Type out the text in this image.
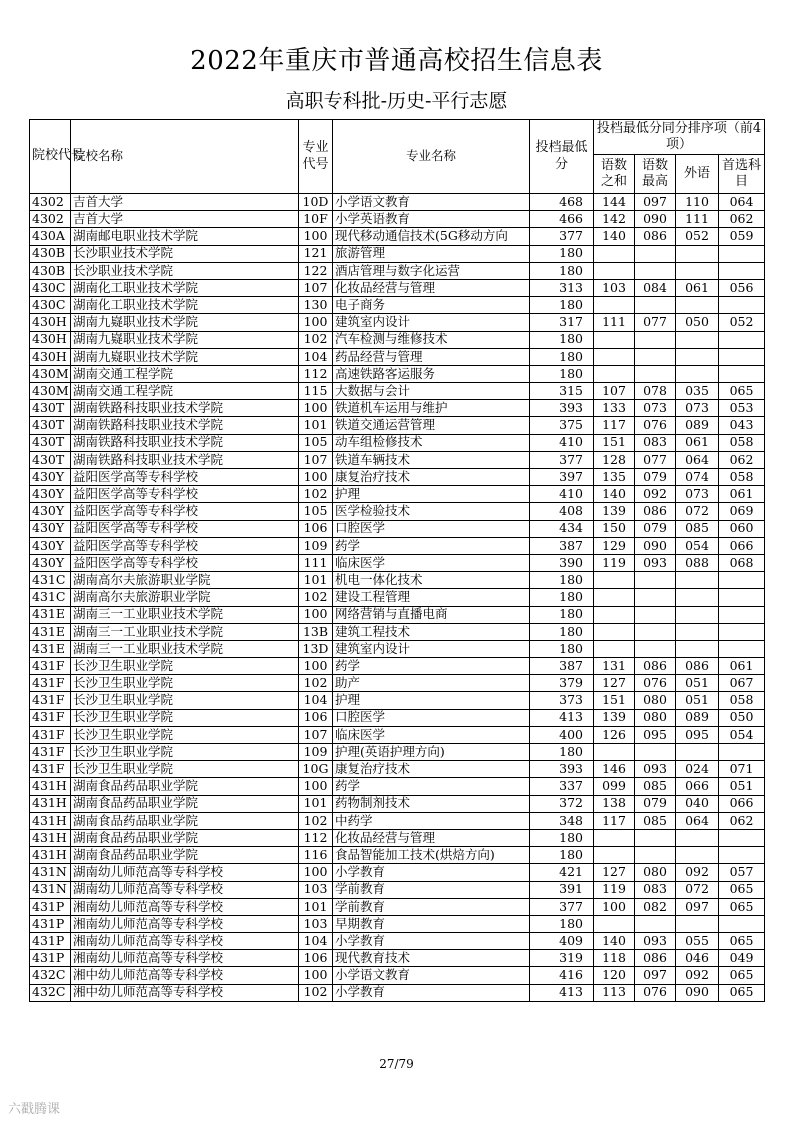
2022年重庆市普通高校招生信息表
高职专科批-历史-平行志愿
院校代号	院校名称	专业代号	专业名称	投档最低分	投档最低分同分排序项（前4项）			
					语数之和	语数最高	外语	首选科目
4302	吉首大学	10D	小学语文教育	468	144	097	110	064
4302	吉首大学	10F	小学英语教育	466	142	090	111	062
430A	湖南邮电职业技术学院	100	现代移动通信技术(5G移动方向	377	140	086	052	059
430B	长沙职业技术学院	121	旅游管理	180				
430B	长沙职业技术学院	122	酒店管理与数字化运营	180				
430C	湖南化工职业技术学院	107	化妆品经营与管理	313	103	084	061	056
430C	湖南化工职业技术学院	130	电子商务	180				
430H	湖南九嶷职业技术学院	100	建筑室内设计	317	111	077	050	052
430H	湖南九嶷职业技术学院	102	汽车检测与维修技术	180				
430H	湖南九嶷职业技术学院	104	药品经营与管理	180				
430M	湖南交通工程学院	112	高速铁路客运服务	180				
430M	湖南交通工程学院	115	大数据与会计	315	107	078	035	065
430T	湖南铁路科技职业技术学院	100	铁道机车运用与维护	393	133	073	073	053
430T	湖南铁路科技职业技术学院	101	铁道交通运营管理	375	117	076	089	043
430T	湖南铁路科技职业技术学院	105	动车组检修技术	410	151	083	061	058
430T	湖南铁路科技职业技术学院	107	铁道车辆技术	377	128	077	064	062
430Y	益阳医学高等专科学校	100	康复治疗技术	397	135	079	074	058
430Y	益阳医学高等专科学校	102	护理	410	140	092	073	061
430Y	益阳医学高等专科学校	105	医学检验技术	408	139	086	072	069
430Y	益阳医学高等专科学校	106	口腔医学	434	150	079	085	060
430Y	益阳医学高等专科学校	109	药学	387	129	090	054	066
430Y	益阳医学高等专科学校	111	临床医学	390	119	093	088	068
431C	湖南高尔夫旅游职业学院	101	机电一体化技术	180				
431C	湖南高尔夫旅游职业学院	102	建设工程管理	180				
431E	湖南三一工业职业技术学院	100	网络营销与直播电商	180				
431E	湖南三一工业职业技术学院	13B	建筑工程技术	180				
431E	湖南三一工业职业技术学院	13D	建筑室内设计	180				
431F	长沙卫生职业学院	100	药学	387	131	086	086	061
431F	长沙卫生职业学院	102	助产	379	127	076	051	067
431F	长沙卫生职业学院	104	护理	373	151	080	051	058
431F	长沙卫生职业学院	106	口腔医学	413	139	080	089	050
431F	长沙卫生职业学院	107	临床医学	400	126	095	095	054
431F	长沙卫生职业学院	109	护理(英语护理方向)	180				
431F	长沙卫生职业学院	10G	康复治疗技术	393	146	093	024	071
431H	湖南食品药品职业学院	100	药学	337	099	085	066	051
431H	湖南食品药品职业学院	101	药物制剂技术	372	138	079	040	066
431H	湖南食品药品职业学院	102	中药学	348	117	085	064	062
431H	湖南食品药品职业学院	112	化妆品经营与管理	180				
431H	湖南食品药品职业学院	116	食品智能加工技术(烘焙方向)	180				
431N	湖南幼儿师范高等专科学校	100	小学教育	421	127	080	092	057
431N	湖南幼儿师范高等专科学校	103	学前教育	391	119	083	072	065
431P	湘南幼儿师范高等专科学校	101	学前教育	377	100	082	097	065
431P	湘南幼儿师范高等专科学校	103	早期教育	180				
431P	湘南幼儿师范高等专科学校	104	小学教育	409	140	093	055	065
431P	湘南幼儿师范高等专科学校	106	现代教育技术	319	118	086	046	049
432C	湘中幼儿师范高等专科学校	100	小学语文教育	416	120	097	092	065
432C	湘中幼儿师范高等专科学校	102	小学教育	413	113	076	090	065
27/79
六戳腾课
